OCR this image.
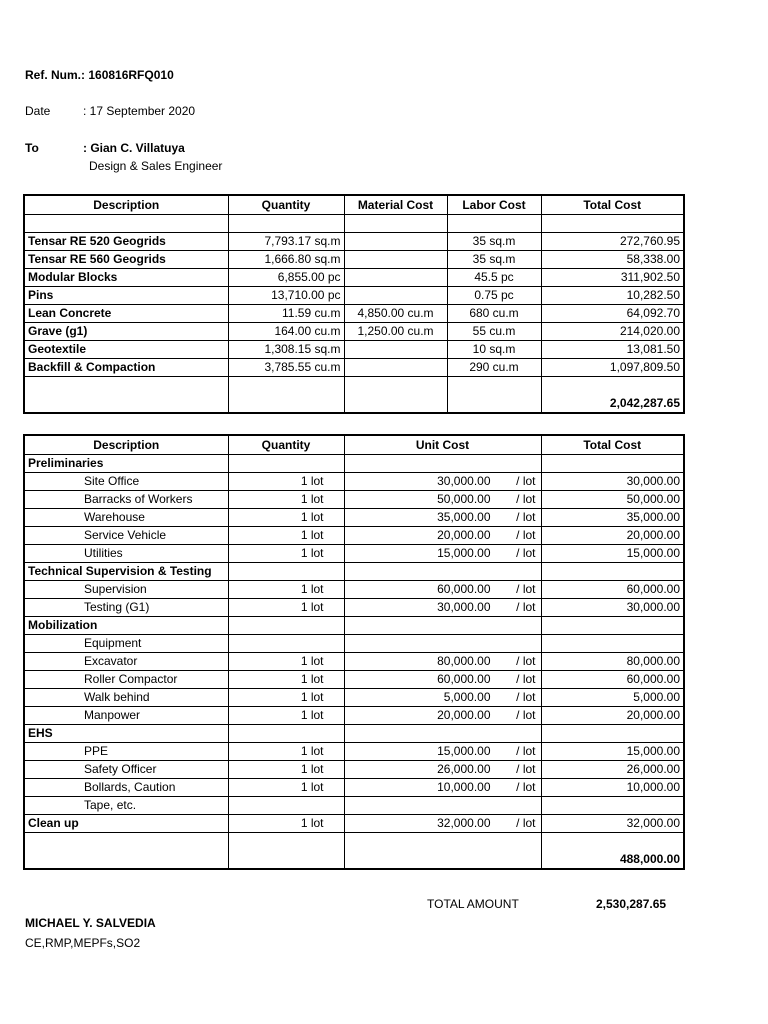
Ref. Num.: 160816RFQ010
Date	: 17 September 2020
To	: Gian C. Villatuya
Design & Sales Engineer
Description	Quantity	Material Cost	Labor Cost	Total Cost

Tensar RE 520 Geogrids	7,793.17 sq.m		35 sq.m	272,760.95
Tensar RE 560 Geogrids	1,666.80 sq.m		35 sq.m	58,338.00
Modular Blocks	6,855.00 pc		45.5 pc	311,902.50
Pins	13,710.00 pc		0.75 pc	10,282.50
Lean Concrete	11.59 cu.m	4,850.00 cu.m	680 cu.m	64,092.70
Grave (g1)	164.00 cu.m	1,250.00 cu.m	55 cu.m	214,020.00
Geotextile	1,308.15 sq.m		10 sq.m	13,081.50
Backfill & Compaction	3,785.55 cu.m		290 cu.m	1,097,809.50
				2,042,287.65
Description	Quantity	Unit Cost	Total Cost
Preliminaries		

Site Office	1 lot	30,000.00 / lot	30,000.00
Barracks of Workers	1 lot	50,000.00 / lot	50,000.00
Warehouse	1 lot	35,000.00 / lot	35,000.00
Service Vehicle	1 lot	20,000.00 / lot	20,000.00
Utilities	1 lot	15,000.00 / lot	15,000.00
Technical Supervision & Testing		

Supervision	1 lot	60,000.00 / lot	60,000.00
Testing (G1)	1 lot	30,000.00 / lot	30,000.00
Mobilization		

Equipment		

Excavator	1 lot	80,000.00 / lot	80,000.00
Roller Compactor	1 lot	60,000.00 / lot	60,000.00
Walk behind	1 lot	5,000.00 / lot	5,000.00
Manpower	1 lot	20,000.00 / lot	20,000.00
EHS		

PPE	1 lot	15,000.00 / lot	15,000.00
Safety Officer	1 lot	26,000.00 / lot	26,000.00
Bollards, Caution	1 lot	10,000.00 / lot	10,000.00
Tape, etc.		

Clean up	1 lot	32,000.00 / lot	32,000.00
			488,000.00
TOTAL AMOUNT	2,530,287.65
MICHAEL Y. SALVEDIA
CE,RMP,MEPFs,SO2
